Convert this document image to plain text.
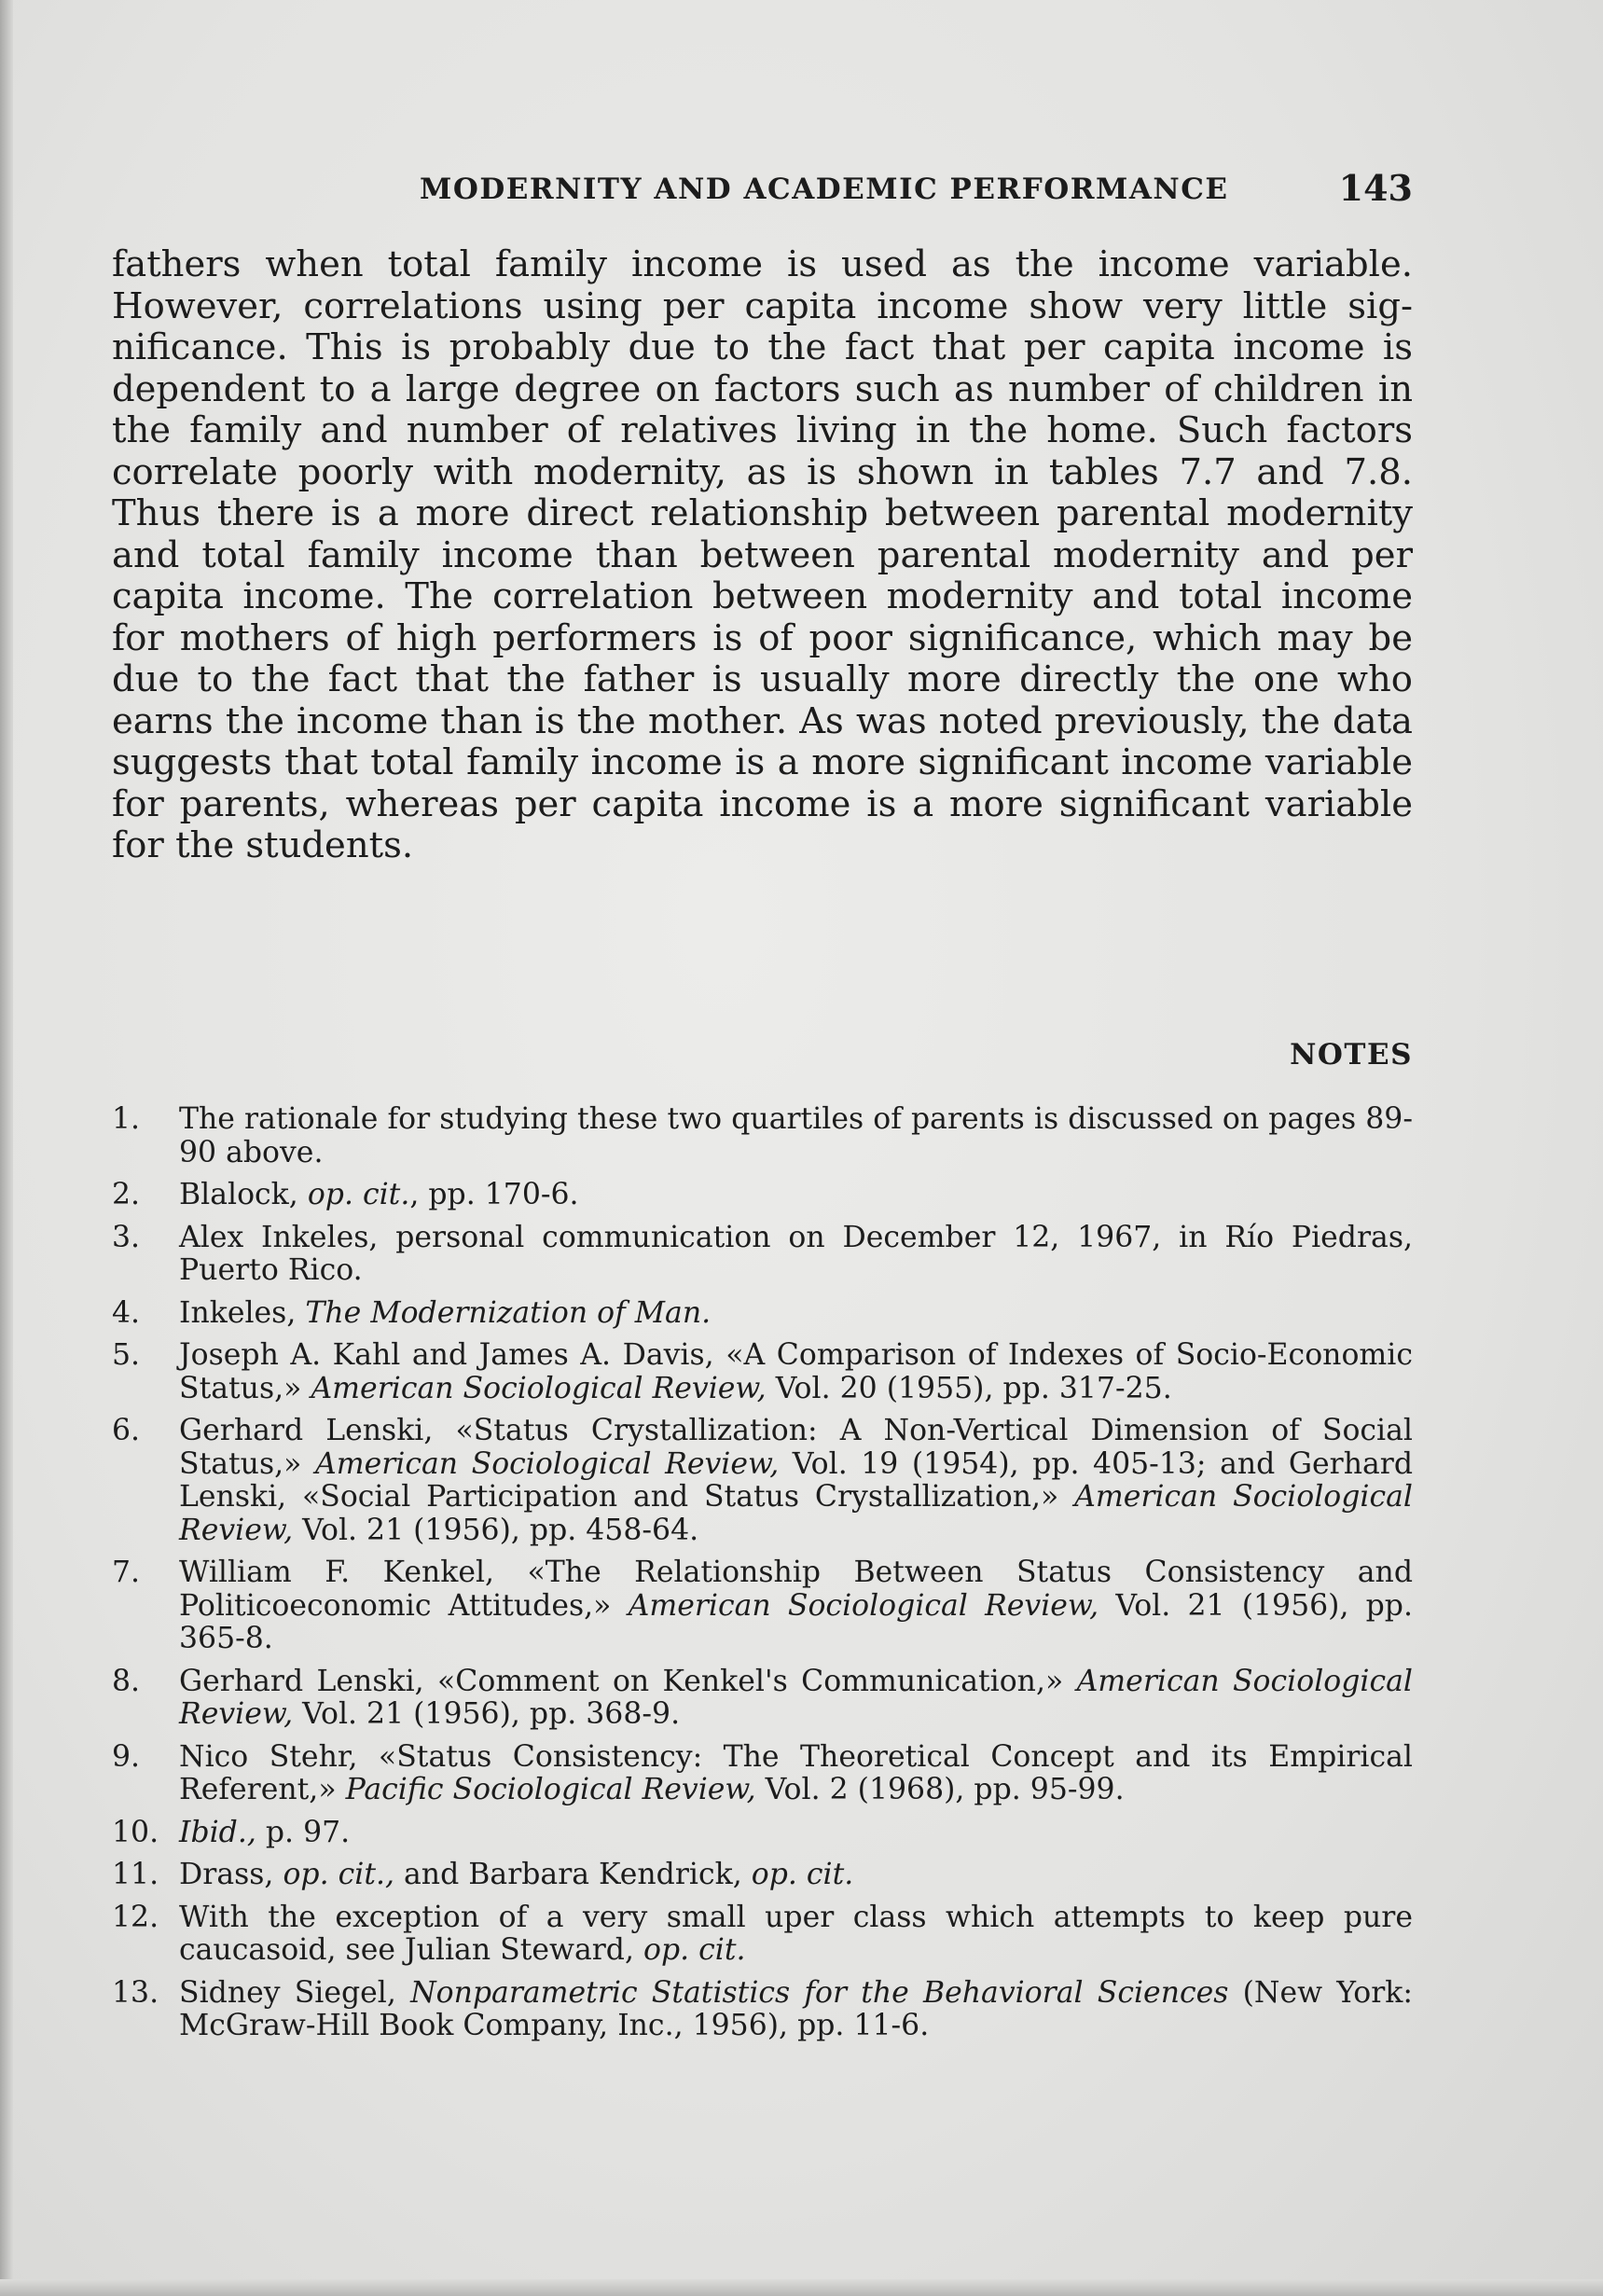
MODERNITY AND ACADEMIC PERFORMANCE	143

fathers when total family income is used as the income variable. However, correlations using per capita income show very little significance. This is probably due to the fact that per capita income is dependent to a large degree on factors such as number of children in the family and number of relatives living in the home. Such factors correlate poorly with modernity, as is shown in tables 7.7 and 7.8. Thus there is a more direct relationship between parental modernity and total family income than between parental modernity and per capita income. The correlation between modernity and total income for mothers of high performers is of poor significance, which may be due to the fact that the father is usually more directly the one who earns the income than is the mother. As was noted previously, the data suggests that total family income is a more significant income variable for parents, whereas per capita income is a more significant variable for the students.

NOTES
1.	The rationale for studying these two quartiles of parents is discussed on pages 89-90 above.
2.	Blalock, op. cit., pp. 170-6.
3.	Alex Inkeles, personal communication on December 12, 1967, in Río Piedras, Puerto Rico.
4.	Inkeles, The Modernization of Man.
5.	Joseph A. Kahl and James A. Davis, «A Comparison of Indexes of Socio-Economic Status,» American Sociological Review, Vol. 20 (1955), pp. 317-25.
6.	Gerhard Lenski, «Status Crystallization: A Non-Vertical Dimension of Social Status,» American Sociological Review, Vol. 19 (1954), pp. 405-13; and Gerhard Lenski, «Social Participation and Status Crystallization,» American Sociological Review, Vol. 21 (1956), pp. 458-64.
7.	William F. Kenkel, «The Relationship Between Status Consistency and Politicoeconomic Attitudes,» American Sociological Review, Vol. 21 (1956), pp. 365-8.
8.	Gerhard Lenski, «Comment on Kenkel's Communication,» American Sociological Review, Vol. 21 (1956), pp. 368-9.
9.	Nico Stehr, «Status Consistency: The Theoretical Concept and its Empirical Referent,» Pacific Sociological Review, Vol. 2 (1968), pp. 95-99.
10. Ibid., p. 97.
11. Drass, op. cit., and Barbara Kendrick, op. cit.
12. With the exception of a very small uper class which attempts to keep pure caucasoid, see Julian Steward, op. cit.
13. Sidney Siegel, Nonparametric Statistics for the Behavioral Sciences (New York: McGraw-Hill Book Company, Inc., 1956), pp. 11-6.
